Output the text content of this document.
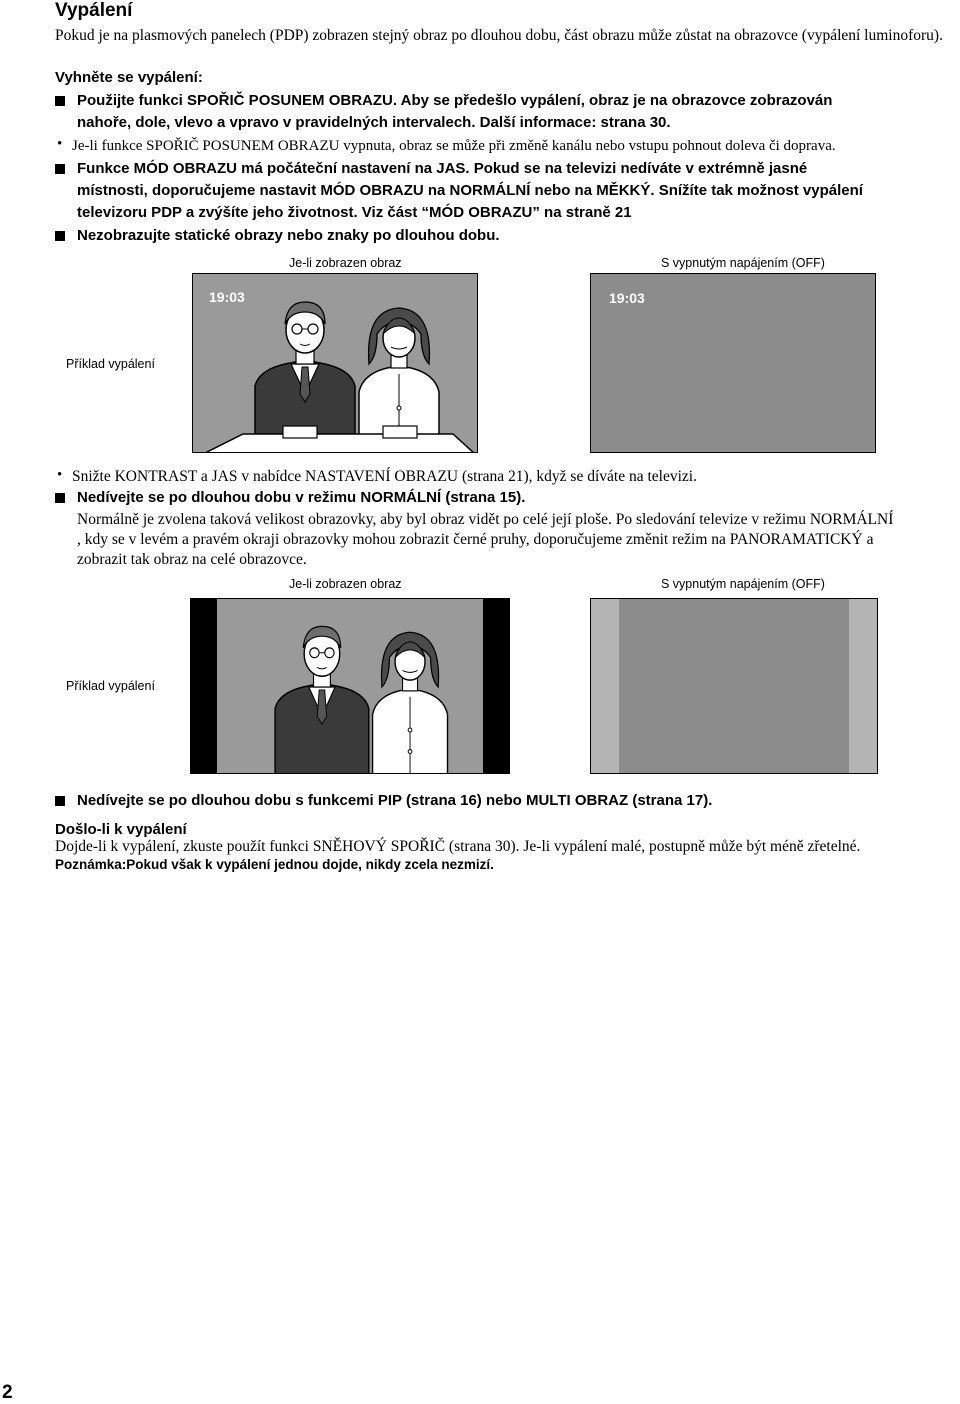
Vypálení
Pokud je na plasmových panelech (PDP) zobrazen stejný obraz po dlouhou dobu, část obrazu může zůstat na obrazovce (vypálení luminoforu).
Vyhněte se vypálení:
Použijte funkci SPOŘIČ POSUNEM OBRAZU. Aby se předešlo vypálení, obraz je na obrazovce zobrazován
nahoře, dole, vlevo a vpravo v pravidelných intervalech. Další informace: strana 30.
• Je-li funkce SPOŘIČ POSUNEM OBRAZU vypnuta, obraz se může při změně kanálu nebo vstupu pohnout doleva či doprava.
Funkce MÓD OBRAZU má počáteční nastavení na JAS. Pokud se na televizi nedíváte v extrémně jasné
místnosti, doporučujeme nastavit MÓD OBRAZU na NORMÁLNÍ nebo na MĚKKÝ. Snížíte tak možnost vypálení
televizoru PDP a zvýšíte jeho životnost. Viz část “MÓD OBRAZU” na straně 21
Nezobrazujte statické obrazy nebo znaky po dlouhou dobu.
Je-li zobrazen obraz	S vypnutým napájením (OFF)
Příklad vypálení
19:03	19:03
• Snižte KONTRAST a JAS v nabídce NASTAVENÍ OBRAZU (strana 21), když se díváte na televizi.
Nedívejte se po dlouhou dobu v režimu NORMÁLNÍ (strana 15).
Normálně je zvolena taková velikost obrazovky, aby byl obraz vidět po celé její ploše. Po sledování televize v režimu NORMÁLNÍ
, kdy se v levém a pravém okraji obrazovky mohou zobrazit černé pruhy, doporučujeme změnit režim na PANORAMATICKÝ a
zobrazit tak obraz na celé obrazovce.
Je-li zobrazen obraz	S vypnutým napájením (OFF)
Příklad vypálení
Nedívejte se po dlouhou dobu s funkcemi PIP (strana 16) nebo MULTI OBRAZ (strana 17).
Došlo-li k vypálení
Dojde-li k vypálení, zkuste použít funkci SNĚHOVÝ SPOŘIČ (strana 30). Je-li vypálení malé, postupně může být méně zřetelné.
Poznámka:Pokud však k vypálení jednou dojde, nikdy zcela nezmizí.
2
